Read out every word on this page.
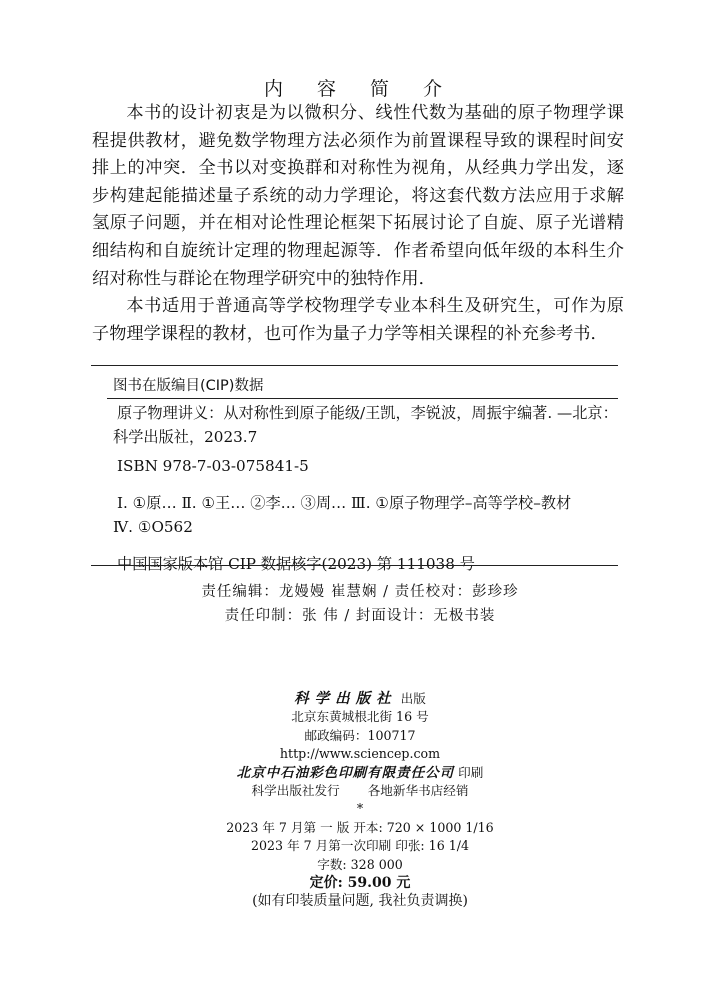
内 容 简 介

本书的设计初衷是为以微积分、线性代数为基础的原子物理学课程提供教材，避免数学物理方法必须作为前置课程导致的课程时间安排上的冲突．全书以对变换群和对称性为视角，从经典力学出发，逐步构建起能描述量子系统的动力学理论，将这套代数方法应用于求解氢原子问题，并在相对论性理论框架下拓展讨论了自旋、原子光谱精细结构和自旋统计定理的物理起源等．作者希望向低年级的本科生介绍对称性与群论在物理学研究中的独特作用．

本书适用于普通高等学校物理学专业本科生及研究生，可作为原子物理学课程的教材，也可作为量子力学等相关课程的补充参考书．

图书在版编目(CIP)数据
原子物理讲义：从对称性到原子能级/王凯，李锐波，周振宇编著. —北京：
科学出版社，2023.7
ISBN 978-7-03-075841-5
Ⅰ. ①原… Ⅱ. ①王… ②李… ③周… Ⅲ. ①原子物理学–高等学校–教材
Ⅳ. ①O562
中国国家版本馆 CIP 数据核字(2023) 第 111038 号
责任编辑：龙嫚嫚 崔慧娴 / 责任校对：彭珍珍
责任印制：张 伟 / 封面设计：无极书装
科学出版社 出版
北京东黄城根北街 16 号
邮政编码：100717
http://www.sciencep.com
北京中石油彩色印刷有限责任公司 印刷
科学出版社发行 各地新华书店经销
*
2023 年 7 月第 一 版 开本: 720 × 1000 1/16
2023 年 7 月第一次印刷 印张: 16 1/4
字数: 328 000
定价: 59.00 元
(如有印装质量问题, 我社负责调换)
